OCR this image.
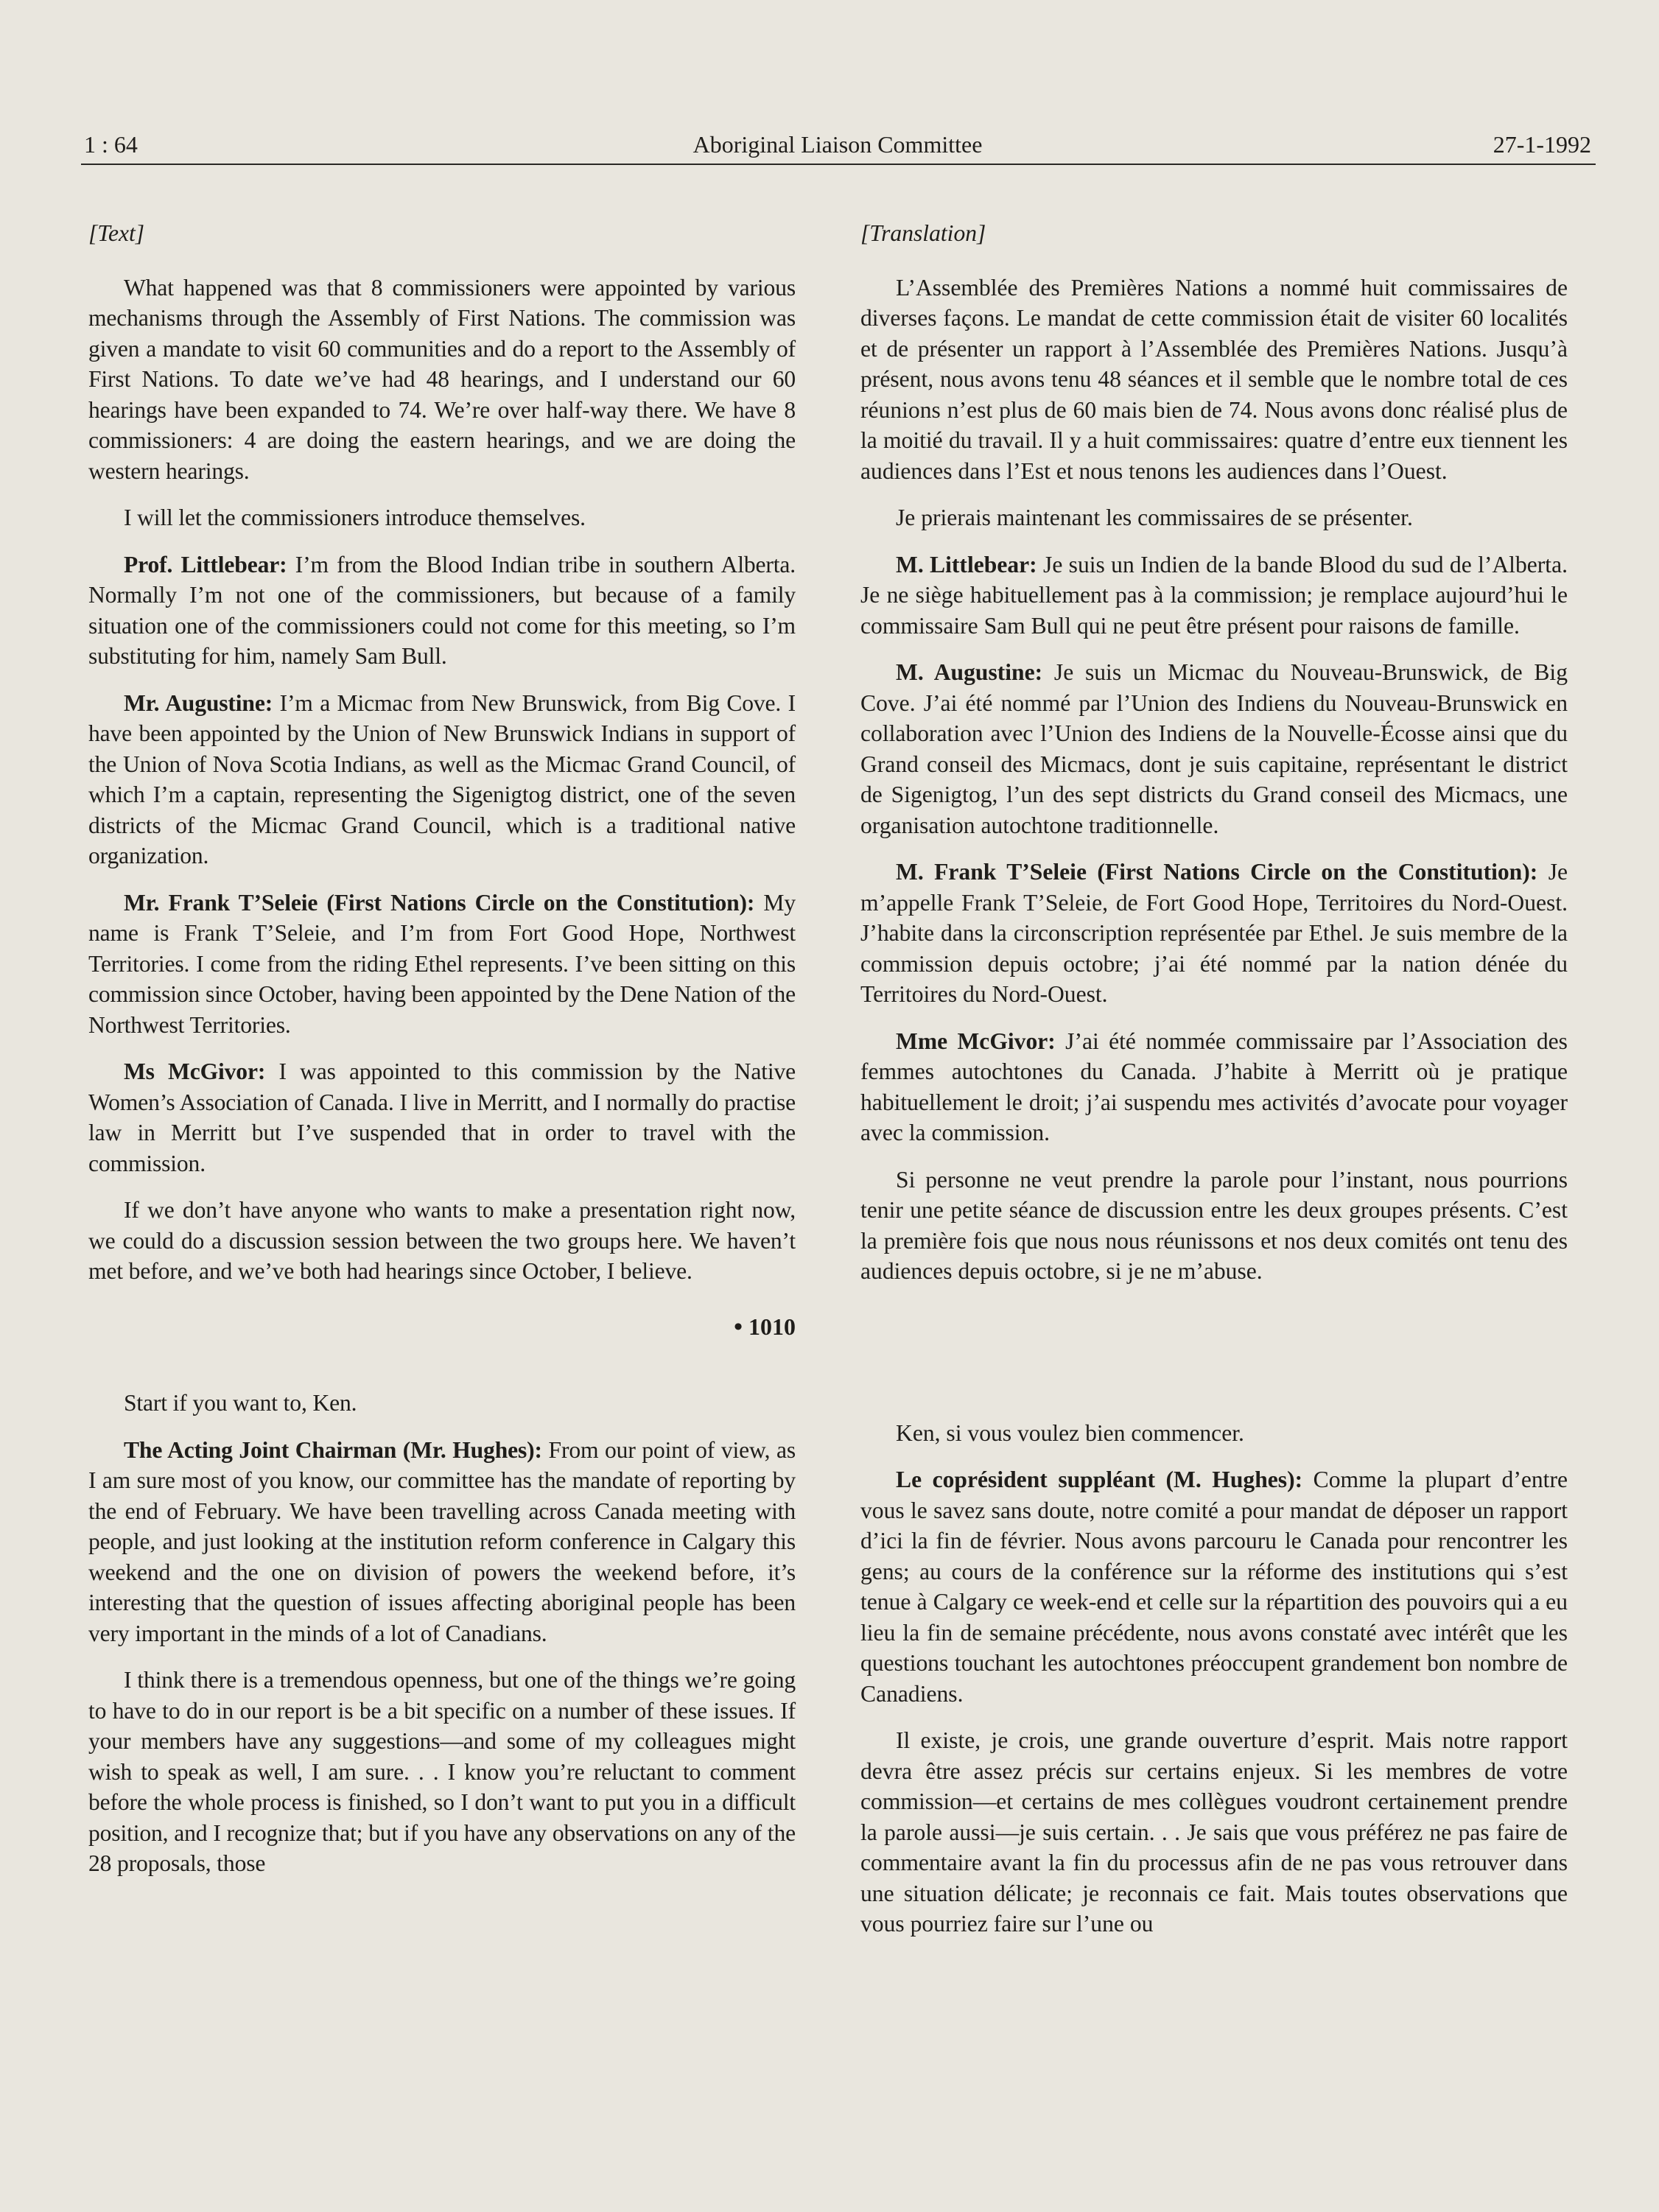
1 : 64	Aboriginal Liaison Committee	27-1-1992
[Text]

What happened was that 8 commissioners were appointed by various mechanisms through the Assembly of First Nations. The commission was given a mandate to visit 60 communities and do a report to the Assembly of First Nations. To date we’ve had 48 hearings, and I understand our 60 hearings have been expanded to 74. We’re over half-way there. We have 8 commissioners: 4 are doing the eastern hearings, and we are doing the western hearings.

I will let the commissioners introduce themselves.

Prof. Littlebear: I’m from the Blood Indian tribe in southern Alberta. Normally I’m not one of the commissioners, but because of a family situation one of the commissioners could not come for this meeting, so I’m substituting for him, namely Sam Bull.

Mr. Augustine: I’m a Micmac from New Brunswick, from Big Cove. I have been appointed by the Union of New Brunswick Indians in support of the Union of Nova Scotia Indians, as well as the Micmac Grand Council, of which I’m a captain, representing the Sigenigtog district, one of the seven districts of the Micmac Grand Council, which is a traditional native organization.

Mr. Frank T’Seleie (First Nations Circle on the Constitution): My name is Frank T’Seleie, and I’m from Fort Good Hope, Northwest Territories. I come from the riding Ethel represents. I’ve been sitting on this commission since October, having been appointed by the Dene Nation of the Northwest Territories.

Ms McGivor: I was appointed to this commission by the Native Women’s Association of Canada. I live in Merritt, and I normally do practise law in Merritt but I’ve suspended that in order to travel with the commission.

If we don’t have anyone who wants to make a presentation right now, we could do a discussion session between the two groups here. We haven’t met before, and we’ve both had hearings since October, I believe.

• 1010

Start if you want to, Ken.

The Acting Joint Chairman (Mr. Hughes): From our point of view, as I am sure most of you know, our committee has the mandate of reporting by the end of February. We have been travelling across Canada meeting with people, and just looking at the institution reform conference in Calgary this weekend and the one on division of powers the weekend before, it’s interesting that the question of issues affecting aboriginal people has been very important in the minds of a lot of Canadians.

I think there is a tremendous openness, but one of the things we’re going to have to do in our report is be a bit specific on a number of these issues. If your members have any suggestions—and some of my colleagues might wish to speak as well, I am sure. . . I know you’re reluctant to comment before the whole process is finished, so I don’t want to put you in a difficult position, and I recognize that; but if you have any observations on any of the 28 proposals, those

[Translation]

L’Assemblée des Premières Nations a nommé huit commissaires de diverses façons. Le mandat de cette commission était de visiter 60 localités et de présenter un rapport à l’Assemblée des Premières Nations. Jusqu’à présent, nous avons tenu 48 séances et il semble que le nombre total de ces réunions n’est plus de 60 mais bien de 74. Nous avons donc réalisé plus de la moitié du travail. Il y a huit commissaires: quatre d’entre eux tiennent les audiences dans l’Est et nous tenons les audiences dans l’Ouest.

Je prierais maintenant les commissaires de se présenter.

M. Littlebear: Je suis un Indien de la bande Blood du sud de l’Alberta. Je ne siège habituellement pas à la commission; je remplace aujourd’hui le commissaire Sam Bull qui ne peut être présent pour raisons de famille.

M. Augustine: Je suis un Micmac du Nouveau-Brunswick, de Big Cove. J’ai été nommé par l’Union des Indiens du Nouveau-Brunswick en collaboration avec l’Union des Indiens de la Nouvelle-Écosse ainsi que du Grand conseil des Micmacs, dont je suis capitaine, représentant le district de Sigenigtog, l’un des sept districts du Grand conseil des Micmacs, une organisation autochtone traditionnelle.

M. Frank T’Seleie (First Nations Circle on the Constitution): Je m’appelle Frank T’Seleie, de Fort Good Hope, Territoires du Nord-Ouest. J’habite dans la circonscription représentée par Ethel. Je suis membre de la commission depuis octobre; j’ai été nommé par la nation dénée du Territoires du Nord-Ouest.

Mme McGivor: J’ai été nommée commissaire par l’Association des femmes autochtones du Canada. J’habite à Merritt où je pratique habituellement le droit; j’ai suspendu mes activités d’avocate pour voyager avec la commission.

Si personne ne veut prendre la parole pour l’instant, nous pourrions tenir une petite séance de discussion entre les deux groupes présents. C’est la première fois que nous nous réunissons et nos deux comités ont tenu des audiences depuis octobre, si je ne m’abuse.

Ken, si vous voulez bien commencer.

Le coprésident suppléant (M. Hughes): Comme la plupart d’entre vous le savez sans doute, notre comité a pour mandat de déposer un rapport d’ici la fin de février. Nous avons parcouru le Canada pour rencontrer les gens; au cours de la conférence sur la réforme des institutions qui s’est tenue à Calgary ce week-end et celle sur la répartition des pouvoirs qui a eu lieu la fin de semaine précédente, nous avons constaté avec intérêt que les questions touchant les autochtones préoccupent grandement bon nombre de Canadiens.

Il existe, je crois, une grande ouverture d’esprit. Mais notre rapport devra être assez précis sur certains enjeux. Si les membres de votre commission—et certains de mes collègues voudront certainement prendre la parole aussi—je suis certain. . . Je sais que vous préférez ne pas faire de commentaire avant la fin du processus afin de ne pas vous retrouver dans une situation délicate; je reconnais ce fait. Mais toutes observations que vous pourriez faire sur l’une ou
